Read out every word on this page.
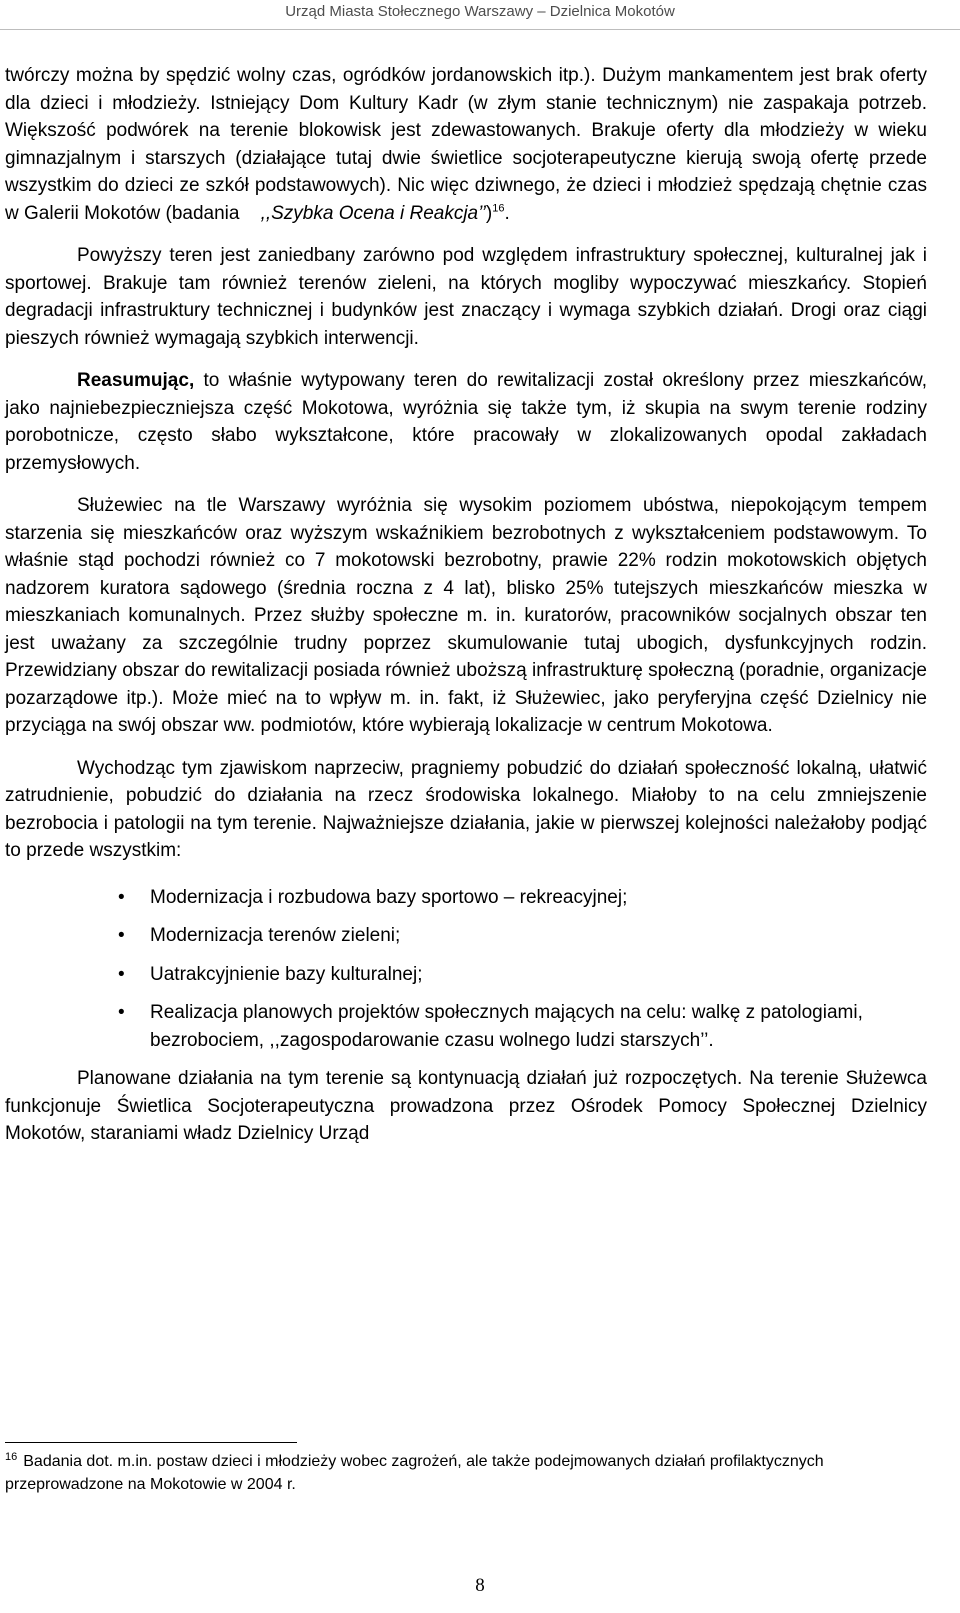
Urząd Miasta Stołecznego Warszawy – Dzielnica Mokotów

twórczy można by spędzić wolny czas, ogródków jordanowskich itp.). Dużym mankamentem jest brak oferty dla dzieci i młodzieży. Istniejący Dom Kultury Kadr (w złym stanie technicznym) nie zaspakaja potrzeb. Większość podwórek na terenie blokowisk jest zdewastowanych. Brakuje oferty dla młodzieży w wieku gimnazjalnym i starszych (działające tutaj dwie świetlice socjoterapeutyczne kierują swoją ofertę przede wszystkim do dzieci ze szkół podstawowych). Nic więc dziwnego, że dzieci i młodzież spędzają chętnie czas w Galerii Mokotów (badania ,,Szybka Ocena i Reakcja’’)$^{16}$.

Powyższy teren jest zaniedbany zarówno pod względem infrastruktury społecznej, kulturalnej jak i sportowej. Brakuje tam również terenów zieleni, na których mogliby wypoczywać mieszkańcy. Stopień degradacji infrastruktury technicznej i budynków jest znaczący i wymaga szybkich działań. Drogi oraz ciągi pieszych również wymagają szybkich interwencji.

Reasumując, to właśnie wytypowany teren do rewitalizacji został określony przez mieszkańców, jako najniebezpieczniejsza część Mokotowa, wyróżnia się także tym, iż skupia na swym terenie rodziny porobotnicze, często słabo wykształcone, które pracowały w zlokalizowanych opodal zakładach przemysłowych.

Służewiec na tle Warszawy wyróżnia się wysokim poziomem ubóstwa, niepokojącym tempem starzenia się mieszkańców oraz wyższym wskaźnikiem bezrobotnych z wykształceniem podstawowym. To właśnie stąd pochodzi również co 7 mokotowski bezrobotny, prawie 22% rodzin mokotowskich objętych nadzorem kuratora sądowego (średnia roczna z 4 lat), blisko 25% tutejszych mieszkańców mieszka w mieszkaniach komunalnych. Przez służby społeczne m. in. kuratorów, pracowników socjalnych obszar ten jest uważany za szczególnie trudny poprzez skumulowanie tutaj ubogich, dysfunkcyjnych rodzin. Przewidziany obszar do rewitalizacji posiada również uboższą infrastrukturę społeczną (poradnie, organizacje pozarządowe itp.). Może mieć na to wpływ m. in. fakt, iż Służewiec, jako peryferyjna część Dzielnicy nie przyciąga na swój obszar ww. podmiotów, które wybierają lokalizacje w centrum Mokotowa.

Wychodząc tym zjawiskom naprzeciw, pragniemy pobudzić do działań społeczność lokalną, ułatwić zatrudnienie, pobudzić do działania na rzecz środowiska lokalnego. Miałoby to na celu zmniejszenie bezrobocia i patologii na tym terenie. Najważniejsze działania, jakie w pierwszej kolejności należałoby podjąć to przede wszystkim:

• Modernizacja i rozbudowa bazy sportowo – rekreacyjnej;
• Modernizacja terenów zieleni;
• Uatrakcyjnienie bazy kulturalnej;
• Realizacja planowych projektów społecznych mających na celu: walkę z patologiami, bezrobociem, ,,zagospodarowanie czasu wolnego ludzi starszych’’.

Planowane działania na tym terenie są kontynuacją działań już rozpoczętych. Na terenie Służewca funkcjonuje Świetlica Socjoterapeutyczna prowadzona przez Ośrodek Pomocy Społecznej Dzielnicy Mokotów, staraniami władz Dzielnicy Urząd

$^{16}$ Badania dot. m.in. postaw dzieci i młodzieży wobec zagrożeń, ale także podejmowanych działań profilaktycznych przeprowadzone na Mokotowie w 2004 r.
8
